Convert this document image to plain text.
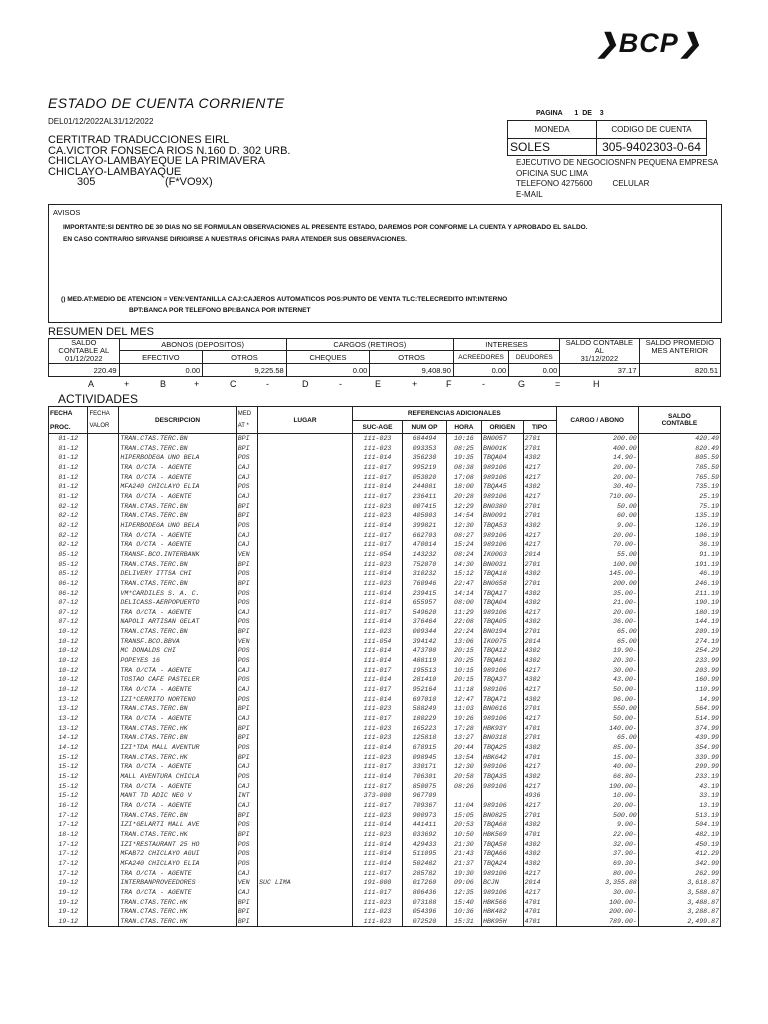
❯BCP❯
ESTADO DE CUENTA CORRIENTE
DEL01/12/2022AL31/12/2022
CERTITRAD TRADUCCIONES EIRL
CA.VICTOR FONSECA RIOS N.160 D. 302 URB.
CHICLAYO-LAMBAYEQUE LA PRIMAVERA
CHICLAYO-LAMBAYAQUE
305	(F*VO9X)
PAGINA 1 DE 3
MONEDA	CODIGO DE CUENTA
SOLES	305-9402303-0-64
EJECUTIVO DE NEGOCIOSNFN PEQUENA EMPRESA
OFICINA SUC LIMA
TELEFONO 4275600	CELULAR
E-MAIL
AVISOS
IMPORTANTE:SI DENTRO DE 30 DIAS NO SE FORMULAN OBSERVACIONES AL PRESENTE ESTADO, DAREMOS POR CONFORME LA CUENTA Y APROBADO EL SALDO.
EN CASO CONTRARIO SIRVANSE DIRIGIRSE A NUESTRAS OFICINAS PARA ATENDER SUS OBSERVACIONES.
() MED.AT:MEDIO DE ATENCION = VEN:VENTANILLA CAJ:CAJEROS AUTOMATICOS POS:PUNTO DE VENTA TLC:TELECREDITO INT:INTERNO
BPT:BANCA POR TELEFONO BPI:BANCA POR INTERNET
RESUMEN DEL MES
SALDO CONTABLE AL
01/12/2022	ABONOS (DEPOSITOS)		CARGOS (RETIROS)		INTERESES		SALDO CONTABLE AL
31/12/2022	SALDO PROMEDIO MES ANTERIOR
	EFECTIVO	OTROS	CHEQUES	OTROS	ACREEDORES	DEUDORES		
220.49	0.00	9,225.58	0.00	9,408.90	0.00	0.00	37.17	820.51
A	+	B	+	C	-	D	-	E	+	F	-	G	=	H
ACTIVIDADES
FECHA

PROC.	FECHA

VALOR	DESCRIPCION	MED

AT *	LUGAR	REFERENCIAS ADICIONALES					CARGO / ABONO	SALDO
CONTABLE
					SUC-AGE	NUM OP	HORA	ORIGEN	TIPO		
01-12		TRAN.CTAS.TERC.BN	BPI		111-023	684494	10:16	BN0057	2701	200.00	420.49
01-12		TRAN.CTAS.TERC.BN	BPI		111-023	093353	08:25	BN001K	2701	400.00	820.49
01-12		HIPERBODEGA UNO BELA	POS		111-014	356230	19:35	TBQA04	4302	14.90-	805.59
01-12		TRA O/CTA - AGENTE	CAJ		111-017	995219	08:38	989106	4217	20.00-	785.59
01-12		TRA O/CTA - AGENTE	CAJ		111-017	053020	17:08	989106	4217	20.00-	765.59
01-12		MFA240 CHICLAYO ELIA	POS		111-014	244081	18:00	TBQA45	4302	30.40-	735.19
01-12		TRA O/CTA - AGENTE	CAJ		111-017	236411	20:28	989106	4217	710.00-	25.19
02-12		TRAN.CTAS.TERC.BN	BPI		111-023	007415	12:29	BN0380	2701	50.00	75.19
02-12		TRAN.CTAS.TERC.BN	BPI		111-023	405003	14:54	BN0091	2701	60.00	135.19
02-12		HIPERBODEGA UNO BELA	POS		111-014	399821	12:30	TBQA53	4302	9.00-	126.19
02-12		TRA O/CTA - AGENTE	CAJ		111-017	662703	08:27	989106	4217	20.00-	106.19
02-12		TRA O/CTA - AGENTE	CAJ		111-017	470014	15:24	989106	4217	70.00-	36.19
05-12		TRANSF.BCO.INTERBANK	VEN		111-054	143232	08:24	IK00G3	2014	55.00	91.19
05-12		TRAN.CTAS.TERC.BN	BPI		111-023	752070	14:30	BN0031	2701	100.00	191.19
05-12		DELIVERY ITTSA CHI	POS		111-014	310232	15:12	TBQA18	4302	145.00-	46.19
06-12		TRAN.CTAS.TERC.BN	BPI		111-023	760946	22:47	BN0658	2701	200.00	246.19
06-12		VM*CARDILES S. A. C.	POS		111-014	239415	14:14	TBQA17	4302	35.00-	211.19
07-12		DELICASS-AERPOPUERTO	POS		111-014	655957	08:00	TBQA04	4302	21.00-	190.19
07-12		TRA O/CTA - AGENTE	CAJ		111-017	549620	11:29	989106	4217	20.00-	180.19
07-12		NAPOLI ARTISAN GELAT	POS		111-014	376464	22:08	TBQA05	4302	36.00-	144.19
10-12		TRAN.CTAS.TERC.BN	BPI		111-023	009344	22:24	BN0194	2701	65.00	209.19
10-12		TRANSF.BCO.BBVA	VEN		111-054	394142	13:06	IK0075	2014	65.00	274.19
10-12		MC DONALDS CHI	POS		111-014	473700	20:15	TBQA12	4302	19.90-	254.29
10-12		POPEYES 16	POS		111-014	488119	20:25	TBQA61	4302	20.30-	233.99
10-12		TRA O/CTA - AGENTE	CAJ		111-017	195513	10:15	989106	4217	30.00-	203.99
10-12		TOSTAO CAFE PASTELER	POS		111-014	281410	20:15	TBQA37	4302	43.00-	160.99
10-12		TRA O/CTA - AGENTE	CAJ		111-017	952164	11:18	989106	4217	50.00-	110.99
13-12		IZI*CERRITO NORTENO	POS		111-014	697010	12:47	TBQA71	4302	96.00-	14.99
13-12		TRAN.CTAS.TERC.BN	BPI		111-023	588249	11:03	BN0616	2701	550.00	564.99
13-12		TRA O/CTA - AGENTE	CAJ		111-017	180229	19:26	989106	4217	50.00-	514.99
13-12		TRAN.CTAS.TERC.HK	BPI		111-023	165223	17:28	HBK93Y	4701	140.00-	374.99
14-12		TRAN.CTAS.TERC.BN	BPI		111-023	125818	13:27	BN0318	2701	65.00	439.99
14-12		IZI*TDA MALL AVENTUR	POS		111-014	678915	20:44	TBQA25	4302	85.00-	354.99
15-12		TRAN.CTAS.TERC.HK	BPI		111-023	098945	13:54	HBK642	4701	15.00-	339.99
15-12		TRA O/CTA - AGENTE	CAJ		111-017	330171	12:30	989106	4217	40.00-	299.99
15-12		MALL AVENTURA CHICLA	POS		111-014	706301	20:58	TBQA35	4302	66.80-	233.19
15-12		TRA O/CTA - AGENTE	CAJ		111-017	850075	08:26	989106	4217	190.00-	43.19
15-12		MANT TD ADIC NEG V	INT		373-000	967709			4936	10.00-	33.19
16-12		TRA O/CTA - AGENTE	CAJ		111-017	709367	11:04	989106	4217	20.00-	13.19
17-12		TRAN.CTAS.TERC.BN	BPI		111-023	900973	15:05	BN0825	2701	500.00	513.19
17-12		IZI*GELARTI MALL AVE	POS		111-014	441411	20:53	TBQA68	4302	9.00-	504.19
18-12		TRAN.CTAS.TERC.HK	BPI		111-023	033692	10:50	HBK569	4701	22.00-	482.19
17-12		IZI*RESTAURANT 25 HO	POS		111-014	429433	21:30	TBQA58	4302	32.00-	450.19
17-12		MFAB72 CHICLAYO AGUI	POS		111-014	511095	21:43	TBQA66	4302	37.90-	412.29
17-12		MFA240 CHICLAYO ELIA	POS		111-014	502482	21:37	TBQA24	4302	69.30-	342.99
17-12		TRA O/CTA - AGENTE	CAJ		111-017	285782	19:30	989106	4217	80.00-	262.99
19-12		INTERBANPROVEEDORES	VEN	SUC LIMA	191-000	017260	09:06	BCJN	2014	3,355.88	3,618.87
19-12		TRA O/CTA - AGENTE	CAJ		111-017	806436	12:35	989106	4217	30.00-	3,588.87
19-12		TRAN.CTAS.TERC.HK	BPI		111-023	073188	15:40	HBK566	4701	100.00-	3,488.87
19-12		TRAN.CTAS.TERC.HK	BPI		111-023	054396	10:36	HBK482	4701	200.00-	3,288.87
19-12		TRAN.CTAS.TERC.HK	BPI		111-023	072520	15:31	HBK95H	4701	789.00-	2,499.87
